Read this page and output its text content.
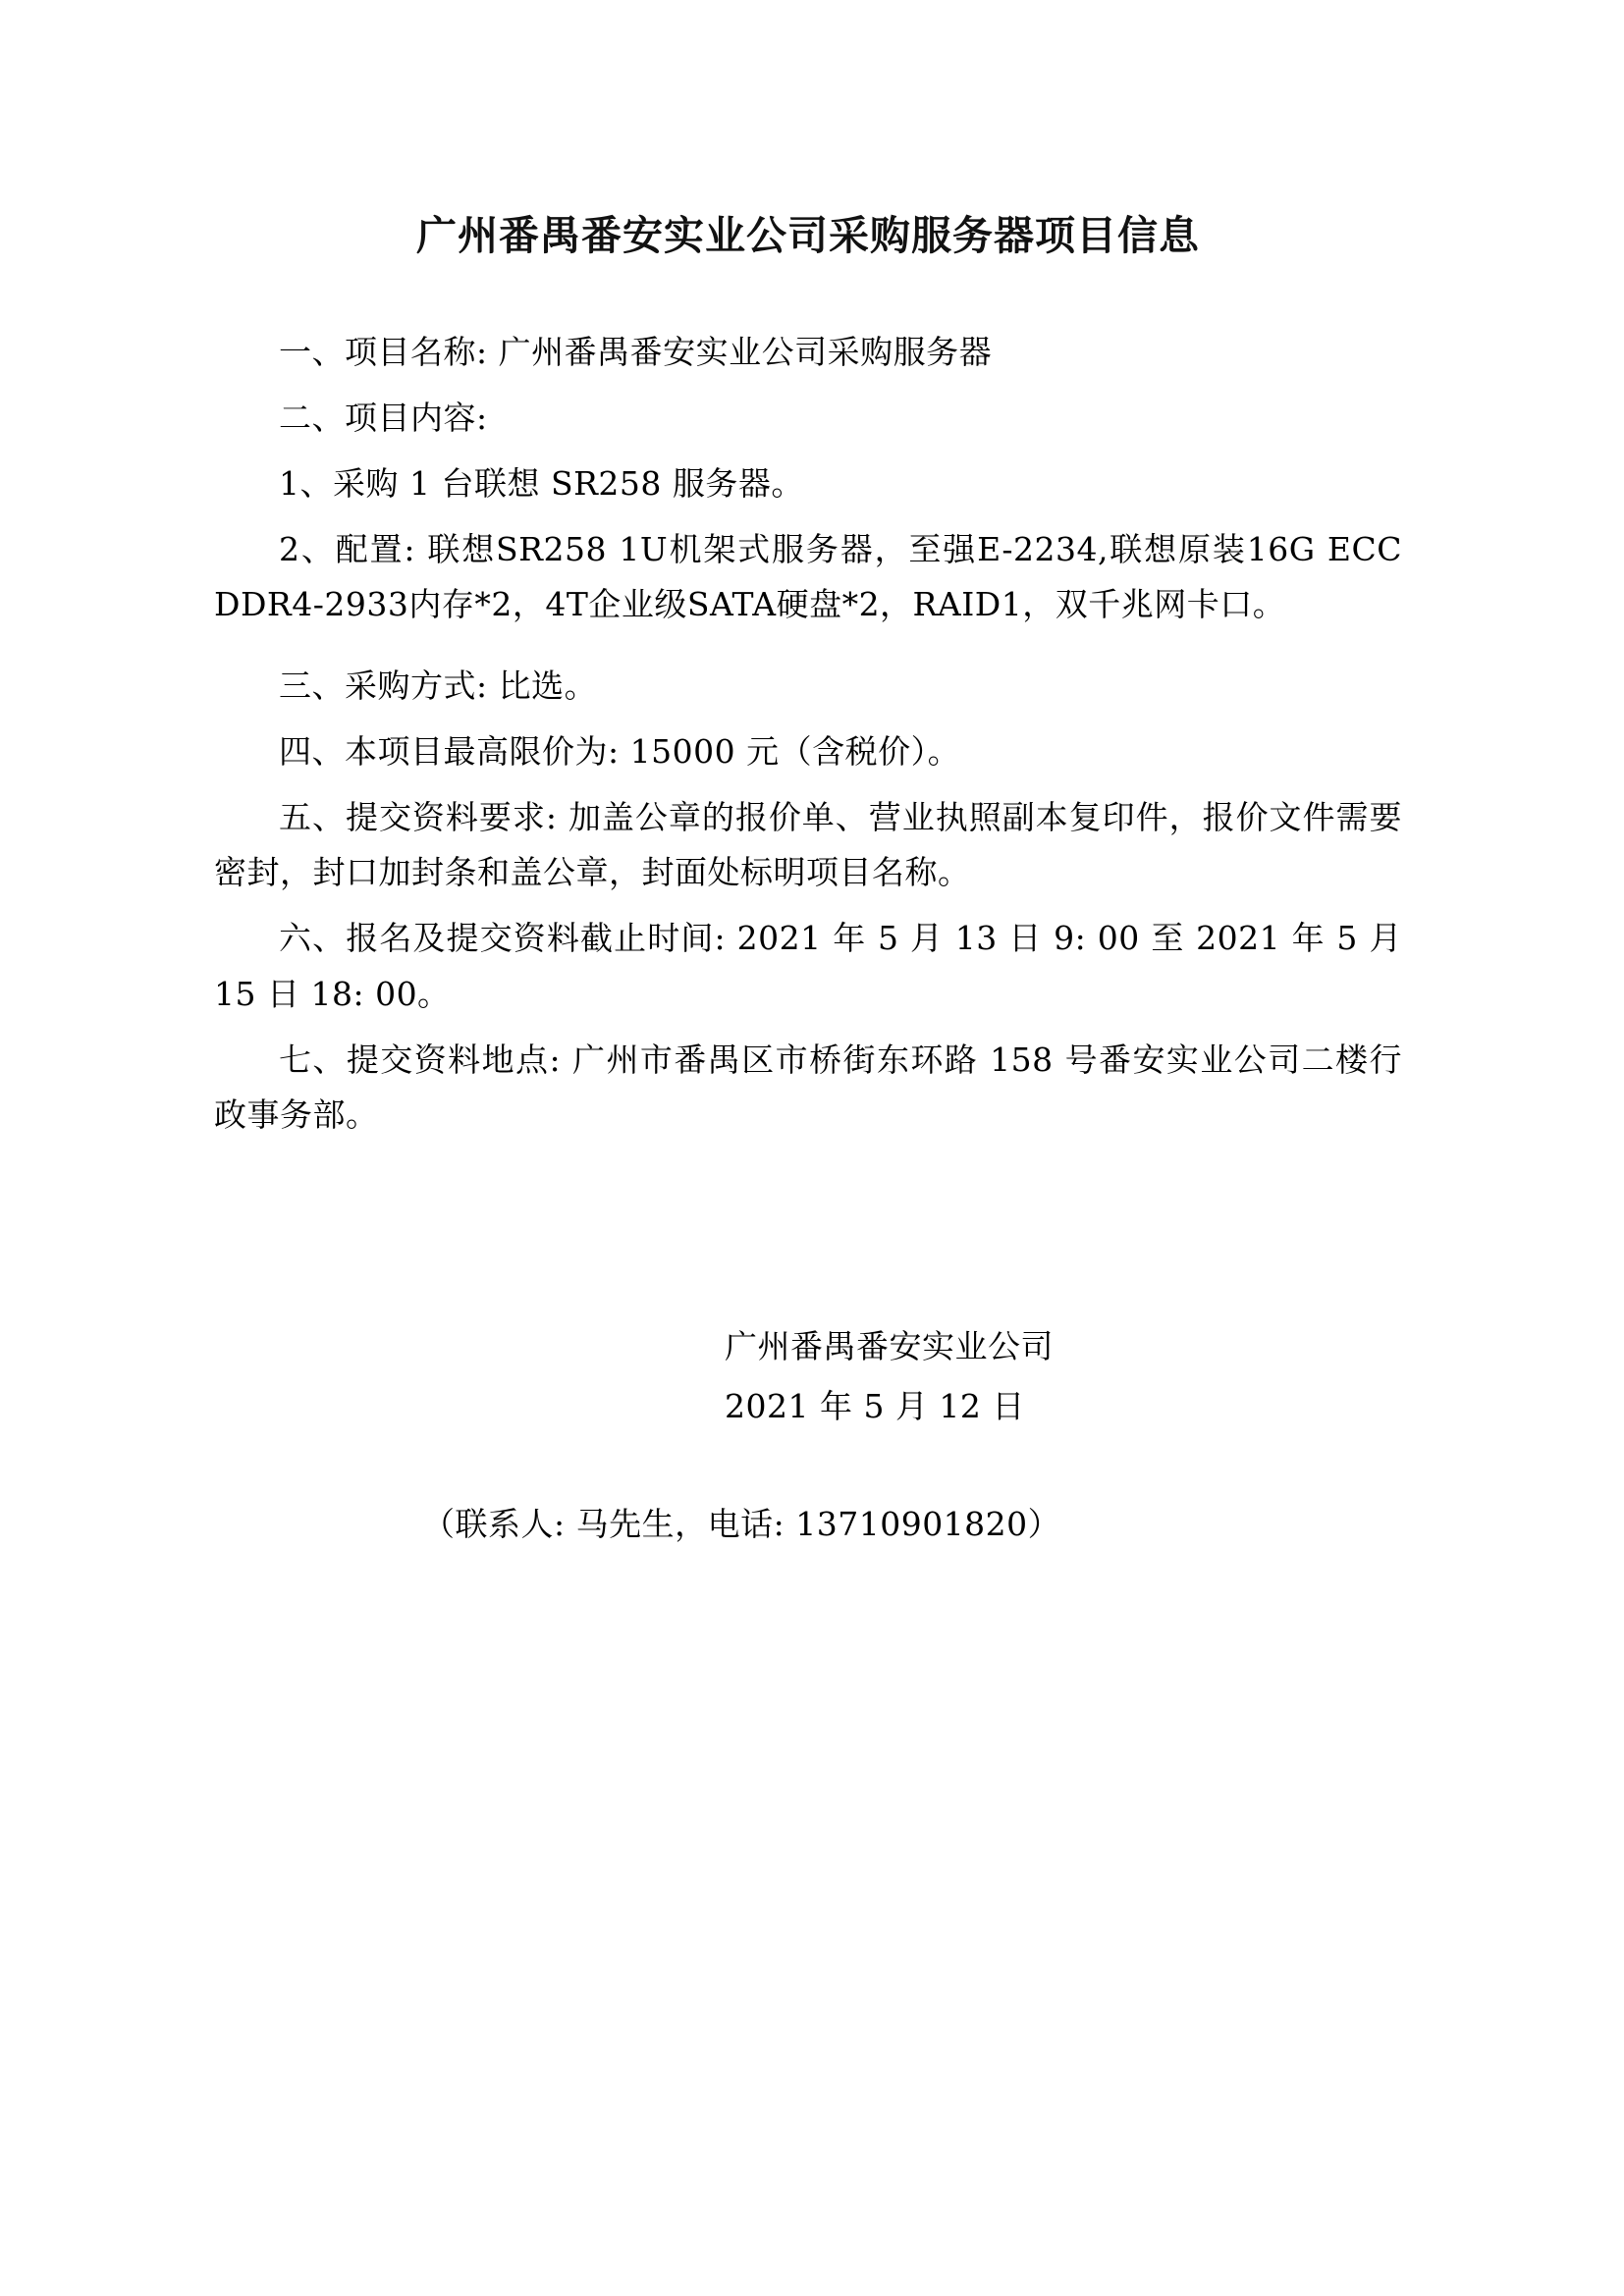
广州番禺番安实业公司采购服务器项目信息

一、项目名称: 广州番禺番安实业公司采购服务器

二、项目内容:

1、采购 1 台联想 SR258 服务器。

2、配置: 联想SR258 1U机架式服务器，至强E-2234,联想原装16G ECC DDR4-2933内存*2，4T企业级SATA硬盘*2，RAID1，双千兆网卡口。

三、采购方式: 比选。

四、本项目最高限价为: 15000 元（含税价）。

五、提交资料要求: 加盖公章的报价单、营业执照副本复印件，报价文件需要密封，封口加封条和盖公章，封面处标明项目名称。

六、报名及提交资料截止时间: 2021 年 5 月 13 日 9: 00 至 2021 年 5 月 15 日 18: 00。

七、提交资料地点: 广州市番禺区市桥街东环路 158 号番安实业公司二楼行政事务部。

广州番禺番安实业公司
2021 年 5 月 12 日
（联系人: 马先生，电话: 13710901820）
